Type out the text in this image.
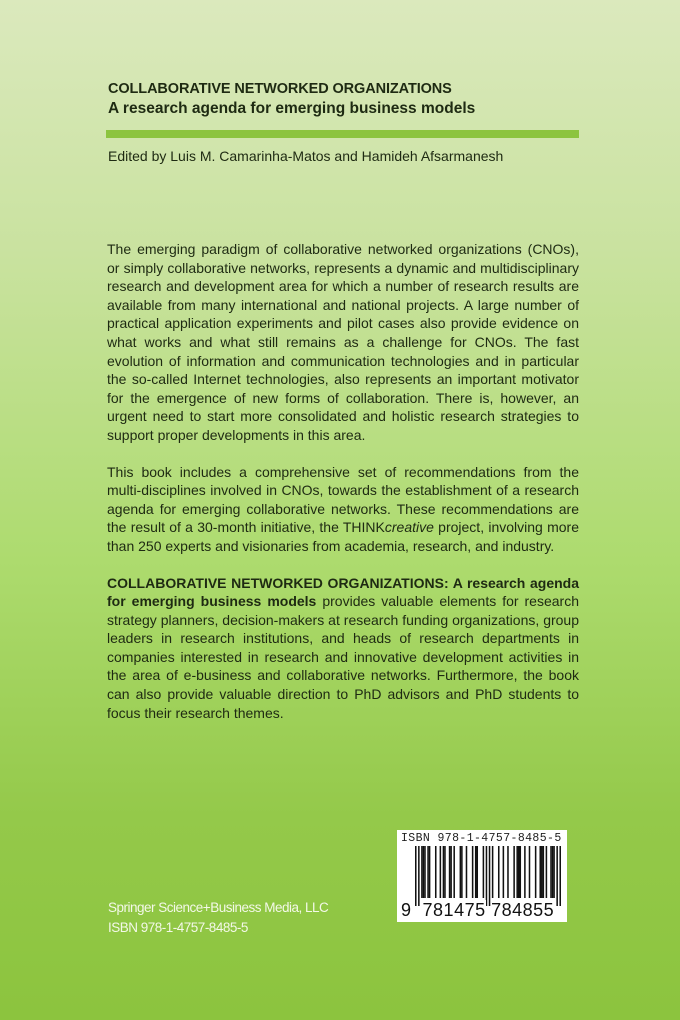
COLLABORATIVE NETWORKED ORGANIZATIONS
A research agenda for emerging business models
Edited by Luis M. Camarinha-Matos and Hamideh Afsarmanesh

The emerging paradigm of collaborative networked organizations (CNOs), or simply collaborative networks, represents a dynamic and multidisciplinary research and development area for which a number of research results are available from many international and national projects. A large number of practical application experiments and pilot cases also provide evidence on what works and what still remains as a challenge for CNOs. The fast evolution of information and communication technologies and in particular the so-called Internet technologies, also represents an important motivator for the emergence of new forms of collaboration. There is, however, an urgent need to start more consolidated and holistic research strategies to support proper developments in this area.

This book includes a comprehensive set of recommendations from the multi-disciplines involved in CNOs, towards the establishment of a research agenda for emerging collaborative networks. These recommendations are the result of a 30-month initiative, the THINKcreative project, involving more than 250 experts and visionaries from academia, research, and industry.

COLLABORATIVE NETWORKED ORGANIZATIONS: A research agenda for emerging business models provides valuable elements for research strategy planners, decision-makers at research funding organizations, group leaders in research institutions, and heads of research departments in companies interested in research and innovative development activities in the area of e-business and collaborative networks. Furthermore, the book can also provide valuable direction to PhD advisors and PhD students to focus their research themes.

Springer Science+Business Media, LLC
ISBN 978-1-4757-8485-5
ISBN 978-1-4757-8485-5
9 781475 784855
